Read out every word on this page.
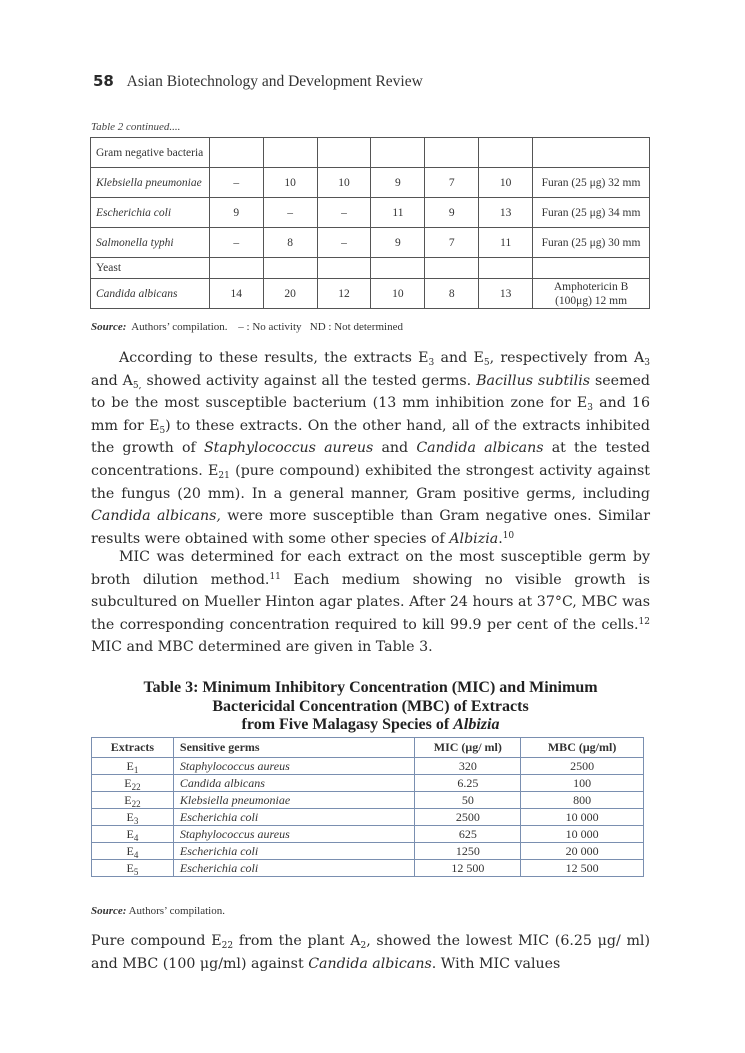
58 Asian Biotechnology and Development Review
Table 2 continued....
Gram negative bacteria							
Klebsiella pneumoniae	–	10	10	9	7	10	Furan (25 μg) 32 mm
Escherichia coli	9	–	–	11	9	13	Furan (25 μg) 34 mm
Salmonella typhi	–	8	–	9	7	11	Furan (25 μg) 30 mm
Yeast							
Candida albicans	14	20	12	10	8	13	Amphotericin B (100μg) 12 mm
Source: Authors’ compilation. – : No activity   ND : Not determined
According to these results, the extracts $E_3$ and $E_5$, respectively from $A_3$ and $A_{5,}$ showed activity against all the tested germs. Bacillus subtilis seemed to be the most susceptible bacterium (13 mm inhibition zone for $E_3$ and 16 mm for $E_5$) to these extracts. On the other hand, all of the extracts inhibited the growth of Staphylococcus aureus and Candida albicans at the tested concentrations. $E_{21}$ (pure compound) exhibited the strongest activity against the fungus (20 mm). In a general manner, Gram positive germs, including Candida albicans, were more susceptible than Gram negative ones. Similar results were obtained with some other species of Albizia.$^{10}$
MIC was determined for each extract on the most susceptible germ by broth dilution method.$^{11}$ Each medium showing no visible growth is subcultured on Mueller Hinton agar plates. After 24 hours at 37°C, MBC was the corresponding concentration required to kill 99.9 per cent of the cells.$^{12}$ MIC and MBC determined are given in Table 3.
Table 3: Minimum Inhibitory Concentration (MIC) and Minimum
Bactericidal Concentration (MBC) of Extracts
from Five Malagasy Species of Albizia
Extracts	Sensitive germs	MIC (μg/ ml)	MBC (μg/ml)
$E_1$	Staphylococcus aureus	320	2500
$E_{22}$	Candida albicans	6.25	100
$E_{22}$	Klebsiella pneumoniae	50	800
$E_3$	Escherichia coli	2500	10 000
$E_4$	Staphylococcus aureus	625	10 000
$E_4$	Escherichia coli	1250	20 000
$E_5$	Escherichia coli	12 500	12 500
Source: Authors’ compilation.
Pure compound $E_{22}$ from the plant $A_2$, showed the lowest MIC (6.25 μg/ ml) and MBC (100 μg/ml) against Candida albicans. With MIC values
